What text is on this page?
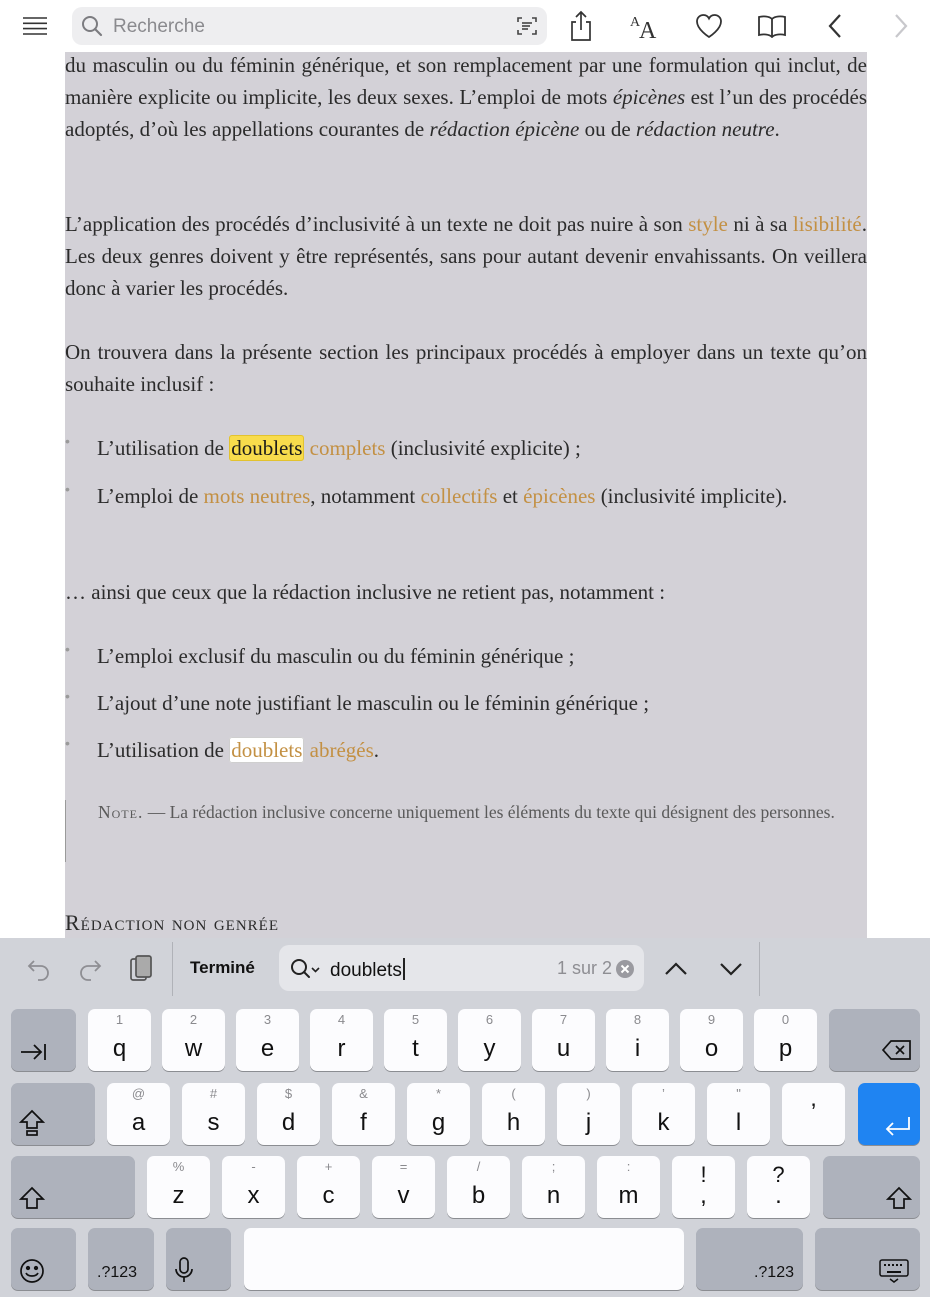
Recherche	A
A

du masculin ou du féminin générique, et son remplacement par une formulation qui inclut, de manière explicite ou implicite, les deux sexes. L’emploi de mots épicènes est l’un des procédés adoptés, d’où les appellations courantes de rédaction épicène ou de rédaction neutre.

L’application des procédés d’inclusivité à un texte ne doit pas nuire à son style ni à sa lisibilité. Les deux genres doivent y être représentés, sans pour autant devenir envahissants. On veillera donc à varier les procédés.

On trouvera dans la présente section les principaux procédés à employer dans un texte qu’on souhaite inclusif :

•	L’utilisation de doublets complets (inclusivité explicite) ;
•	L’emploi de mots neutres, notamment collectifs et épicènes (inclusivité implicite).

… ainsi que ceux que la rédaction inclusive ne retient pas, notamment :

•	L’emploi exclusif du masculin ou du féminin générique ;
•	L’ajout d’une note justifiant le masculin ou le féminin générique ;
•	L’utilisation de doublets abrégés.
Note. — La rédaction inclusive concerne uniquement les éléments du texte qui désignent des personnes.
Rédaction non genrée
Terminé	doublets	1 sur 2
1
q
2
w
3
e
4
r
5
t
6
y
7
u
8
i
9
o
0
p
@
a
#
s
$
d
&
f
*
g
(
h
)
j
’
k
"
l	’
%
z
-
x
+
c
=
v
/
b
;
n
:
m
!
,
?
.
.?123	.?123
